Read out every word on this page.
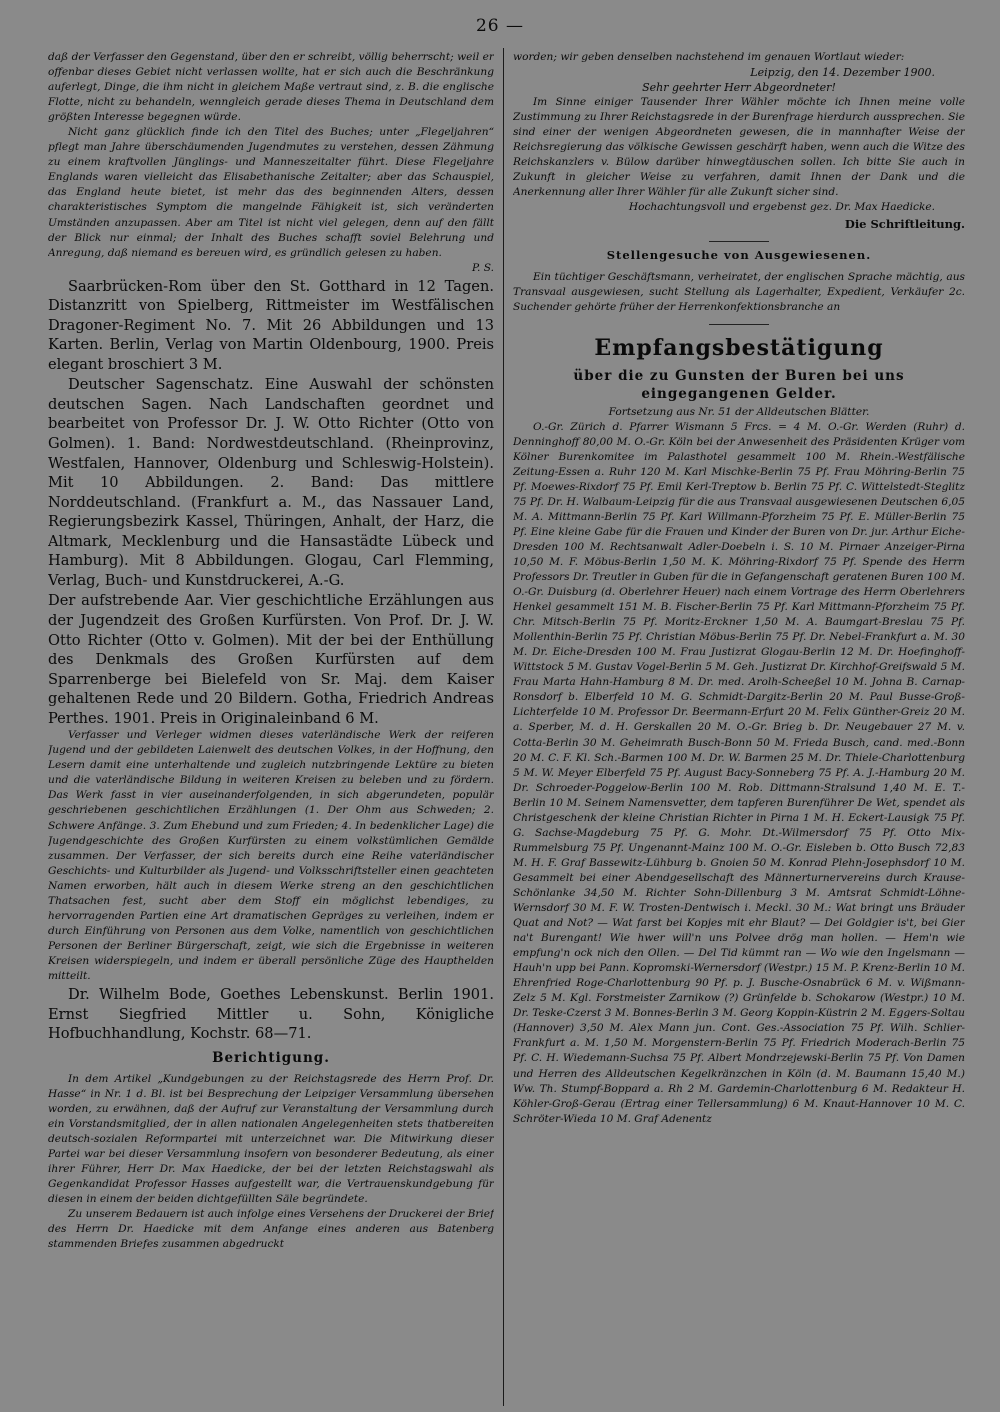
26 —

daß der Verfasser den Gegenstand, über den er schreibt, völlig beherrscht; weil er offenbar dieses Gebiet nicht verlassen wollte, hat er sich auch die Beschränkung auferlegt, Dinge, die ihm nicht in gleichem Maße vertraut sind, z. B. die englische Flotte, nicht zu behandeln, wenngleich gerade dieses Thema in Deutschland dem größten Interesse begegnen würde.

Nicht ganz glücklich finde ich den Titel des Buches; unter „Flegeljahren“ pflegt man Jahre überschäumenden Jugendmutes zu verstehen, dessen Zähmung zu einem kraftvollen Jünglings- und Manneszeitalter führt. Diese Flegeljahre Englands waren vielleicht das Elisabethanische Zeitalter; aber das Schauspiel, das England heute bietet, ist mehr das des beginnenden Alters, dessen charakteristisches Symptom die mangelnde Fähigkeit ist, sich veränderten Umständen anzupassen. Aber am Titel ist nicht viel gelegen, denn auf den fällt der Blick nur einmal; der Inhalt des Buches schafft soviel Belehrung und Anregung, daß niemand es bereuen wird, es gründlich gelesen zu haben.

P. S.

Saarbrücken-Rom über den St. Gotthard in 12 Tagen. Distanzritt von Spielberg, Rittmeister im Westfälischen Dragoner-Regiment No. 7. Mit 26 Abbildungen und 13 Karten. Berlin, Verlag von Martin Oldenbourg, 1900. Preis elegant broschiert 3 M.

Deutscher Sagenschatz. Eine Auswahl der schönsten deutschen Sagen. Nach Landschaften geordnet und bearbeitet von Professor Dr. J. W. Otto Richter (Otto von Golmen). 1. Band: Nordwestdeutschland. (Rheinprovinz, Westfalen, Hannover, Oldenburg und Schleswig-Holstein). Mit 10 Abbildungen. 2. Band: Das mittlere Norddeutschland. (Frankfurt a. M., das Nassauer Land, Regierungsbezirk Kassel, Thüringen, Anhalt, der Harz, die Altmark, Mecklenburg und die Hansastädte Lübeck und Hamburg). Mit 8 Abbildungen. Glogau, Carl Flemming, Verlag, Buch- und Kunstdruckerei, A.-G.

Der aufstrebende Aar. Vier geschichtliche Erzählungen aus der Jugendzeit des Großen Kurfürsten. Von Prof. Dr. J. W. Otto Richter (Otto v. Golmen). Mit der bei der Enthüllung des Denkmals des Großen Kurfürsten auf dem Sparrenberge bei Bielefeld von Sr. Maj. dem Kaiser gehaltenen Rede und 20 Bildern. Gotha, Friedrich Andreas Perthes. 1901. Preis in Originaleinband 6 M.

Verfasser und Verleger widmen dieses vaterländische Werk der reiferen Jugend und der gebildeten Laienwelt des deutschen Volkes, in der Hoffnung, den Lesern damit eine unterhaltende und zugleich nutzbringende Lektüre zu bieten und die vaterländische Bildung in weiteren Kreisen zu beleben und zu fördern. Das Werk fasst in vier auseinanderfolgenden, in sich abgerundeten, populär geschriebenen geschichtlichen Erzählungen (1. Der Ohm aus Schweden; 2. Schwere Anfänge. 3. Zum Ehebund und zum Frieden; 4. In bedenklicher Lage) die Jugendgeschichte des Großen Kurfürsten zu einem volkstümlichen Gemälde zusammen. Der Verfasser, der sich bereits durch eine Reihe vaterländischer Geschichts- und Kulturbilder als Jugend- und Volksschriftsteller einen geachteten Namen erworben, hält auch in diesem Werke streng an den geschichtlichen Thatsachen fest, sucht aber dem Stoff ein möglichst lebendiges, zu hervorragenden Partien eine Art dramatischen Gepräges zu verleihen, indem er durch Einführung von Personen aus dem Volke, namentlich von geschichtlichen Personen der Berliner Bürgerschaft, zeigt, wie sich die Ergebnisse in weiteren Kreisen widerspiegeln, und indem er überall persönliche Züge des Haupthelden mitteilt.

Dr. Wilhelm Bode, Goethes Lebenskunst. Berlin 1901. Ernst Siegfried Mittler u. Sohn, Königliche Hofbuchhandlung, Kochstr. 68—71.

Berichtigung.

In dem Artikel „Kundgebungen zu der Reichstagsrede des Herrn Prof. Dr. Hasse“ in Nr. 1 d. Bl. ist bei Besprechung der Leipziger Versammlung übersehen worden, zu erwähnen, daß der Aufruf zur Veranstaltung der Versammlung durch ein Vorstandsmitglied, der in allen nationalen Angelegenheiten stets thatbereiten deutsch-sozialen Reformpartei mit unterzeichnet war. Die Mitwirkung dieser Partei war bei dieser Versammlung insofern von besonderer Bedeutung, als einer ihrer Führer, Herr Dr. Max Haedicke, der bei der letzten Reichstagswahl als Gegenkandidat Professor Hasses aufgestellt war, die Vertrauenskundgebung für diesen in einem der beiden dichtgefüllten Säle begründete.

Zu unserem Bedauern ist auch infolge eines Versehens der Druckerei der Brief des Herrn Dr. Haedicke mit dem Anfange eines anderen aus Batenberg stammenden Briefes zusammen abgedruckt

worden; wir geben denselben nachstehend im genauen Wortlaut wieder:

Leipzig, den 14. Dezember 1900.
Sehr geehrter Herr Abgeordneter!

Im Sinne einiger Tausender Ihrer Wähler möchte ich Ihnen meine volle Zustimmung zu Ihrer Reichstagsrede in der Burenfrage hierdurch aussprechen. Sie sind einer der wenigen Abgeordneten gewesen, die in mannhafter Weise der Reichsregierung das völkische Gewissen geschärft haben, wenn auch die Witze des Reichskanzlers v. Bülow darüber hinwegtäuschen sollen. Ich bitte Sie auch in Zukunft in gleicher Weise zu verfahren, damit Ihnen der Dank und die Anerkennung aller Ihrer Wähler für alle Zukunft sicher sind.

Hochachtungsvoll und ergebenst gez. Dr. Max Haedicke.
Die Schriftleitung.
Stellengesuche von Ausgewiesenen.

Ein tüchtiger Geschäftsmann, verheiratet, der englischen Sprache mächtig, aus Transvaal ausgewiesen, sucht Stellung als Lagerhalter, Expedient, Verkäufer 2c. Suchender gehörte früher der Herrenkonfektionsbranche an

Empfangsbestätigung
über die zu Gunsten der Buren bei uns eingegangenen Gelder.
Fortsetzung aus Nr. 51 der Alldeutschen Blätter.

O.-Gr. Zürich d. Pfarrer Wismann 5 Frcs. = 4 M. O.-Gr. Werden (Ruhr) d. Denninghoff 80,00 M. O.-Gr. Köln bei der Anwesenheit des Präsidenten Krüger vom Kölner Burenkomitee im Palasthotel gesammelt 100 M. Rhein.-Westfälische Zeitung-Essen a. Ruhr 120 M. Karl Mischke-Berlin 75 Pf. Frau Möhring-Berlin 75 Pf. Moewes-Rixdorf 75 Pf. Emil Kerl-Treptow b. Berlin 75 Pf. C. Wittelstedt-Steglitz 75 Pf. Dr. H. Walbaum-Leipzig für die aus Transvaal ausgewiesenen Deutschen 6,05 M. A. Mittmann-Berlin 75 Pf. Karl Willmann-Pforzheim 75 Pf. E. Müller-Berlin 75 Pf. Eine kleine Gabe für die Frauen und Kinder der Buren von Dr. jur. Arthur Eiche-Dresden 100 M. Rechtsanwalt Adler-Doebeln i. S. 10 M. Pirnaer Anzeiger-Pirna 10,50 M. F. Möbus-Berlin 1,50 M. K. Möhring-Rixdorf 75 Pf. Spende des Herrn Professors Dr. Treutler in Guben für die in Gefangenschaft geratenen Buren 100 M. O.-Gr. Duisburg (d. Oberlehrer Heuer) nach einem Vortrage des Herrn Oberlehrers Henkel gesammelt 151 M. B. Fischer-Berlin 75 Pf. Karl Mittmann-Pforzheim 75 Pf. Chr. Mitsch-Berlin 75 Pf. Moritz-Erckner 1,50 M. A. Baumgart-Breslau 75 Pf. Mollenthin-Berlin 75 Pf. Christian Möbus-Berlin 75 Pf. Dr. Nebel-Frankfurt a. M. 30 M. Dr. Eiche-Dresden 100 M. Frau Justizrat Glogau-Berlin 12 M. Dr. Hoefinghoff-Wittstock 5 M. Gustav Vogel-Berlin 5 M. Geh. Justizrat Dr. Kirchhof-Greifswald 5 M. Frau Marta Hahn-Hamburg 8 M. Dr. med. Arolh-Scheeßel 10 M. Johna B. Carnap-Ronsdorf b. Elberfeld 10 M. G. Schmidt-Dargitz-Berlin 20 M. Paul Busse-Groß-Lichterfelde 10 M. Professor Dr. Beermann-Erfurt 20 M. Felix Günther-Greiz 20 M. a. Sperber, M. d. H. Gerskallen 20 M. O.-Gr. Brieg b. Dr. Neugebauer 27 M. v. Cotta-Berlin 30 M. Geheimrath Busch-Bonn 50 M. Frieda Busch, cand. med.-Bonn 20 M. C. F. Kl. Sch.-Barmen 100 M. Dr. W. Barmen 25 M. Dr. Thiele-Charlottenburg 5 M. W. Meyer Elberfeld 75 Pf. August Bacy-Sonneberg 75 Pf. A. J.-Hamburg 20 M. Dr. Schroeder-Poggelow-Berlin 100 M. Rob. Dittmann-Stralsund 1,40 M. E. T.-Berlin 10 M. Seinem Namensvetter, dem tapferen Burenführer De Wet, spendet als Christgeschenk der kleine Christian Richter in Pirna 1 M. H. Eckert-Lausigk 75 Pf. G. Sachse-Magdeburg 75 Pf. G. Mohr. Dt.-Wilmersdorf 75 Pf. Otto Mix-Rummelsburg 75 Pf. Ungenannt-Mainz 100 M. O.-Gr. Eisleben b. Otto Busch 72,83 M. H. F. Graf Bassewitz-Lühburg b. Gnoien 50 M. Konrad Plehn-Josephsdorf 10 M. Gesammelt bei einer Abendgesellschaft des Männerturnervereins durch Krause-Schönlanke 34,50 M. Richter Sohn-Dillenburg 3 M. Amtsrat Schmidt-Löhne-Wernsdorf 30 M. F. W. Trosten-Dentwisch i. Meckl. 30 M.: Wat bringt uns Bräuder Quat and Not? — Wat farst bei Kopjes mit ehr Blaut? — Dei Goldgier is't, bei Gier na't Burengant! Wie hwer will'n uns Polvee drög man hollen. — Hem'n wie empfung'n ock nich den Ollen. — Del Tid kümmt ran — Wo wie den Ingelsmann — Hauh'n upp bei Pann. Kopromski-Wernersdorf (Westpr.) 15 M. P. Krenz-Berlin 10 M. Ehrenfried Roge-Charlottenburg 90 Pf. p. J. Busche-Osnabrück 6 M. v. Wißmann-Zelz 5 M. Kgl. Forstmeister Zarnikow (?) Grünfelde b. Schokarow (Westpr.) 10 M. Dr. Teske-Czerst 3 M. Bonnes-Berlin 3 M. Georg Koppin-Küstrin 2 M. Eggers-Soltau (Hannover) 3,50 M. Alex Mann jun. Cont. Ges.-Association 75 Pf. Wilh. Schlier-Frankfurt a. M. 1,50 M. Morgenstern-Berlin 75 Pf. Friedrich Moderach-Berlin 75 Pf. C. H. Wiedemann-Suchsa 75 Pf. Albert Mondrzejewski-Berlin 75 Pf. Von Damen und Herren des Alldeutschen Kegelkränzchen in Köln (d. M. Baumann 15,40 M.) Ww. Th. Stumpf-Boppard a. Rh 2 M. Gardemin-Charlottenburg 6 M. Redakteur H. Köhler-Groß-Gerau (Ertrag einer Tellersammlung) 6 M. Knaut-Hannover 10 M. C. Schröter-Wieda 10 M. Graf Adenentz
